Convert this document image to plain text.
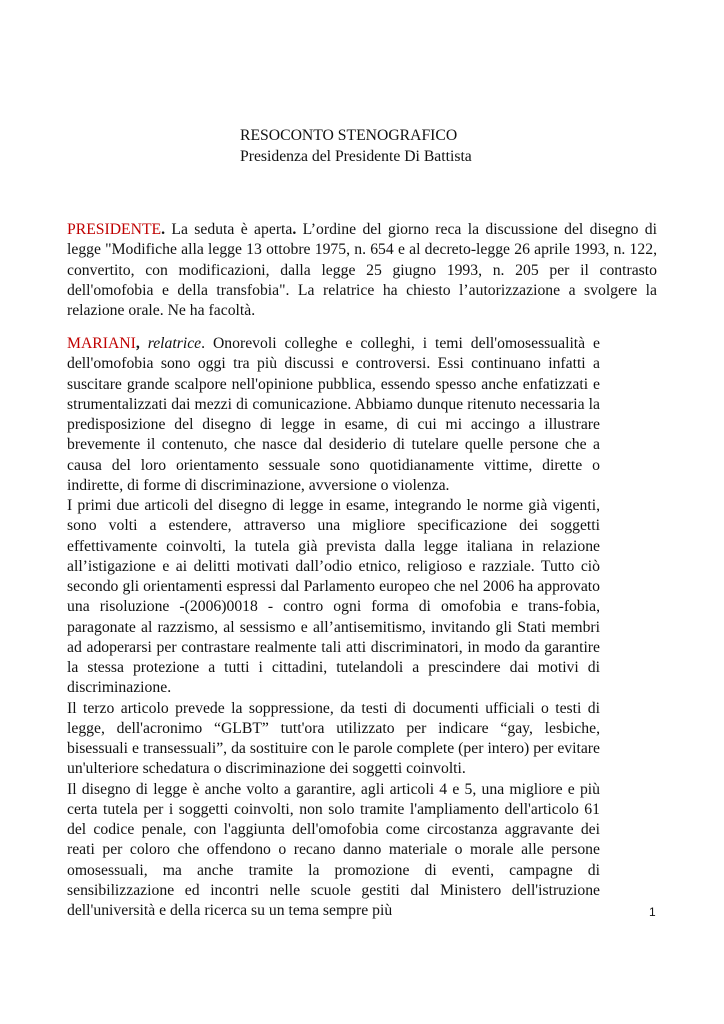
RESOCONTO STENOGRAFICO
Presidenza del Presidente Di Battista
PRESIDENTE. La seduta è aperta. L’ordine del giorno reca la discussione del disegno di legge "Modifiche alla legge 13 ottobre 1975, n. 654 e al decreto-legge 26 aprile 1993, n. 122, convertito, con modificazioni, dalla legge 25 giugno 1993, n. 205 per il contrasto dell'omofobia e della transfobia". La relatrice ha chiesto l’autorizzazione a svolgere la relazione orale. Ne ha facoltà.
MARIANI, relatrice. Onorevoli colleghe e colleghi, i temi dell'omosessualità e dell'omofobia sono oggi tra più discussi e controversi. Essi continuano infatti a suscitare grande scalpore nell'opinione pubblica, essendo spesso anche enfatizzati e strumentalizzati dai mezzi di comunicazione. Abbiamo dunque ritenuto necessaria la predisposizione del disegno di legge in esame, di cui mi accingo a illustrare brevemente il contenuto, che nasce dal desiderio di tutelare quelle persone che a causa del loro orientamento sessuale sono quotidianamente vittime, dirette o indirette, di forme di discriminazione, avversione o violenza.
I primi due articoli del disegno di legge in esame, integrando le norme già vigenti, sono volti a estendere, attraverso una migliore specificazione dei soggetti effettivamente coinvolti, la tutela già prevista dalla legge italiana in relazione all’istigazione e ai delitti motivati dall’odio etnico, religioso e razziale. Tutto ciò secondo gli orientamenti espressi dal Parlamento europeo che nel 2006 ha approvato una risoluzione -(2006)0018 - contro ogni forma di omofobia e trans-fobia, paragonate al razzismo, al sessismo e all’antisemitismo, invitando gli Stati membri ad adoperarsi per contrastare realmente tali atti discriminatori, in modo da garantire la stessa protezione a tutti i cittadini, tutelandoli a prescindere dai motivi di discriminazione.
Il terzo articolo prevede la soppressione, da testi di documenti ufficiali o testi di legge, dell'acronimo “GLBT” tutt'ora utilizzato per indicare “gay, lesbiche, bisessuali e transessuali”, da sostituire con le parole complete (per intero) per evitare un'ulteriore schedatura o discriminazione dei soggetti coinvolti.
Il disegno di legge è anche volto a garantire, agli articoli 4 e 5, una migliore e più certa tutela per i soggetti coinvolti, non solo tramite l'ampliamento dell'articolo 61 del codice penale, con l'aggiunta dell'omofobia come circostanza aggravante dei reati per coloro che offendono o recano danno materiale o morale alle persone omosessuali, ma anche tramite la promozione di eventi, campagne di sensibilizzazione ed incontri nelle scuole gestiti dal Ministero dell'istruzione dell'università e della ricerca su un tema sempre più	1
